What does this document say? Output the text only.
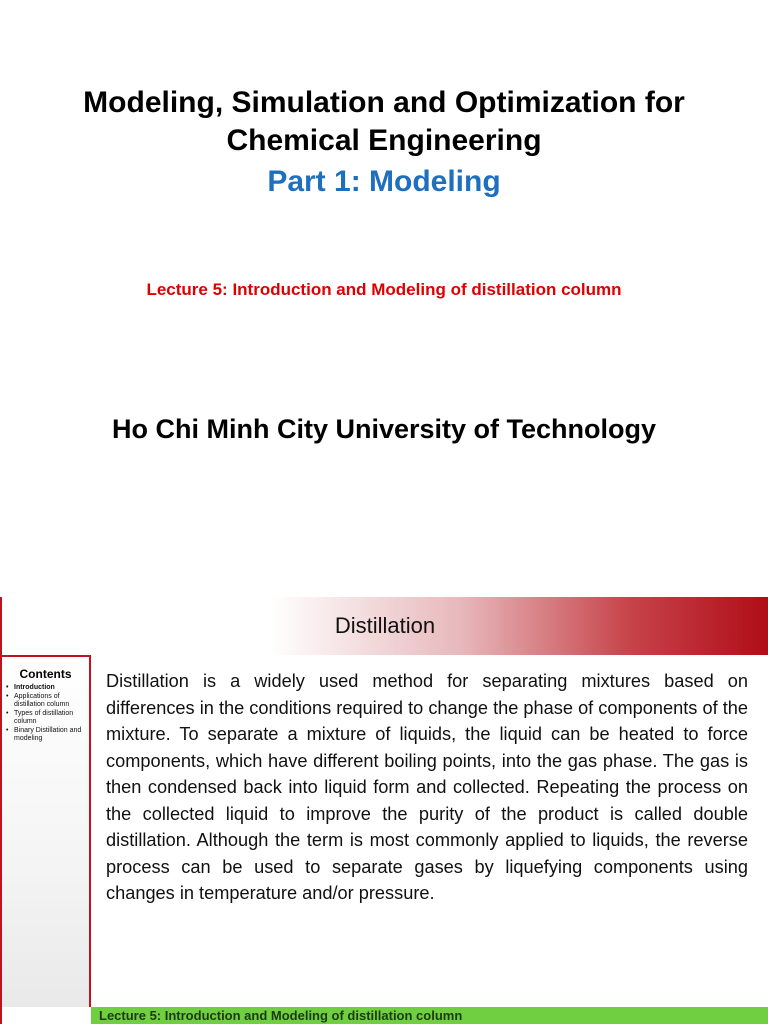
Modeling, Simulation and Optimization for
Chemical Engineering
Part 1: Modeling
Lecture 5: Introduction and Modeling of distillation column
Ho Chi Minh City University of Technology
Distillation
Contents
• Introduction
• Applications of distillation column
• Types of distillation column
• Binary Distillation and modeling

Distillation is a widely used method for separating mixtures based on differences in the conditions required to change the phase of components of the mixture. To separate a mixture of liquids, the liquid can be heated to force components, which have different boiling points, into the gas phase. The gas is then condensed back into liquid form and collected. Repeating the process on the collected liquid to improve the purity of the product is called double distillation. Although the term is most commonly applied to liquids, the reverse process can be used to separate gases by liquefying components using changes in temperature and/or pressure.

Lecture 5: Introduction and Modeling of distillation column
